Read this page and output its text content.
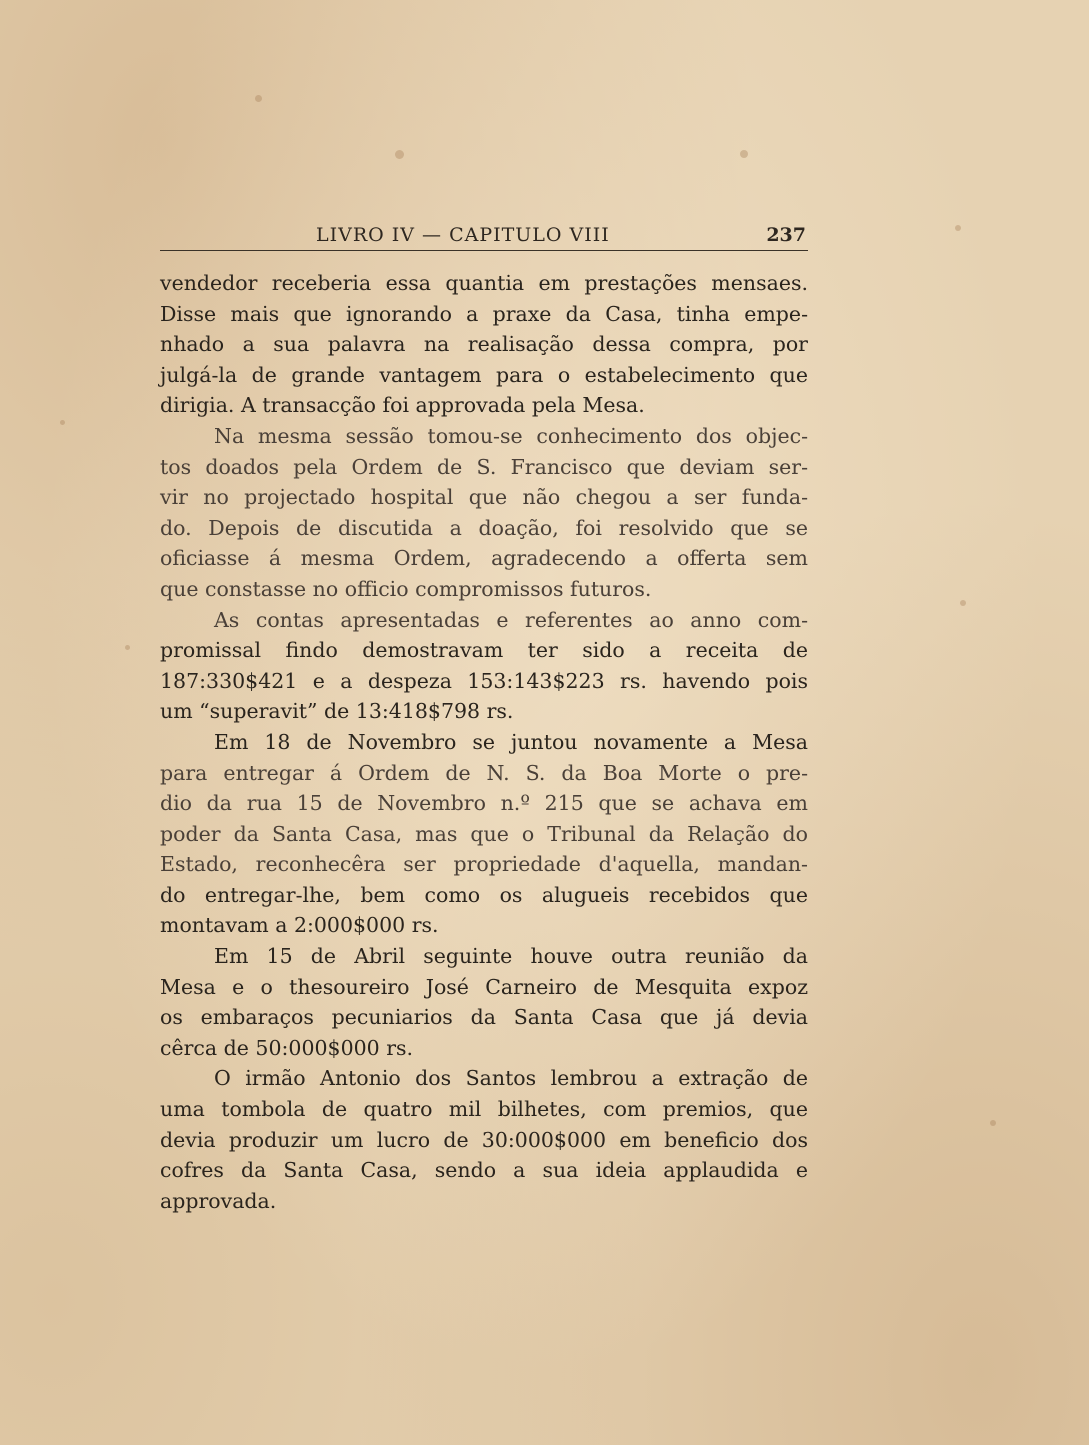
LIVRO IV — CAPITULO VIII	237
vendedor receberia essa quantia em prestações mensaes.
Disse mais que ignorando a praxe da Casa, tinha empe-
nhado a sua palavra na realisação dessa compra, por
julgá-la de grande vantagem para o estabelecimento que
dirigia. A transacção foi approvada pela Mesa.
Na mesma sessão tomou-se conhecimento dos objec-
tos doados pela Ordem de S. Francisco que deviam ser-
vir no projectado hospital que não chegou a ser funda-
do. Depois de discutida a doação, foi resolvido que se
oficiasse á mesma Ordem, agradecendo a offerta sem
que constasse no officio compromissos futuros.
As contas apresentadas e referentes ao anno com-
promissal findo demostravam ter sido a receita de
187:330$421 e a despeza 153:143$223 rs. havendo pois
um “superavit” de 13:418$798 rs.
Em 18 de Novembro se juntou novamente a Mesa
para entregar á Ordem de N. S. da Boa Morte o pre-
dio da rua 15 de Novembro n.º 215 que se achava em
poder da Santa Casa, mas que o Tribunal da Relação do
Estado, reconhecêra ser propriedade d'aquella, mandan-
do entregar-lhe, bem como os alugueis recebidos que
montavam a 2:000$000 rs.
Em 15 de Abril seguinte houve outra reunião da
Mesa e o thesoureiro José Carneiro de Mesquita expoz
os embaraços pecuniarios da Santa Casa que já devia
cêrca de 50:000$000 rs.
O irmão Antonio dos Santos lembrou a extração de
uma tombola de quatro mil bilhetes, com premios, que
devia produzir um lucro de 30:000$000 em beneficio dos
cofres da Santa Casa, sendo a sua ideia applaudida e
approvada.
